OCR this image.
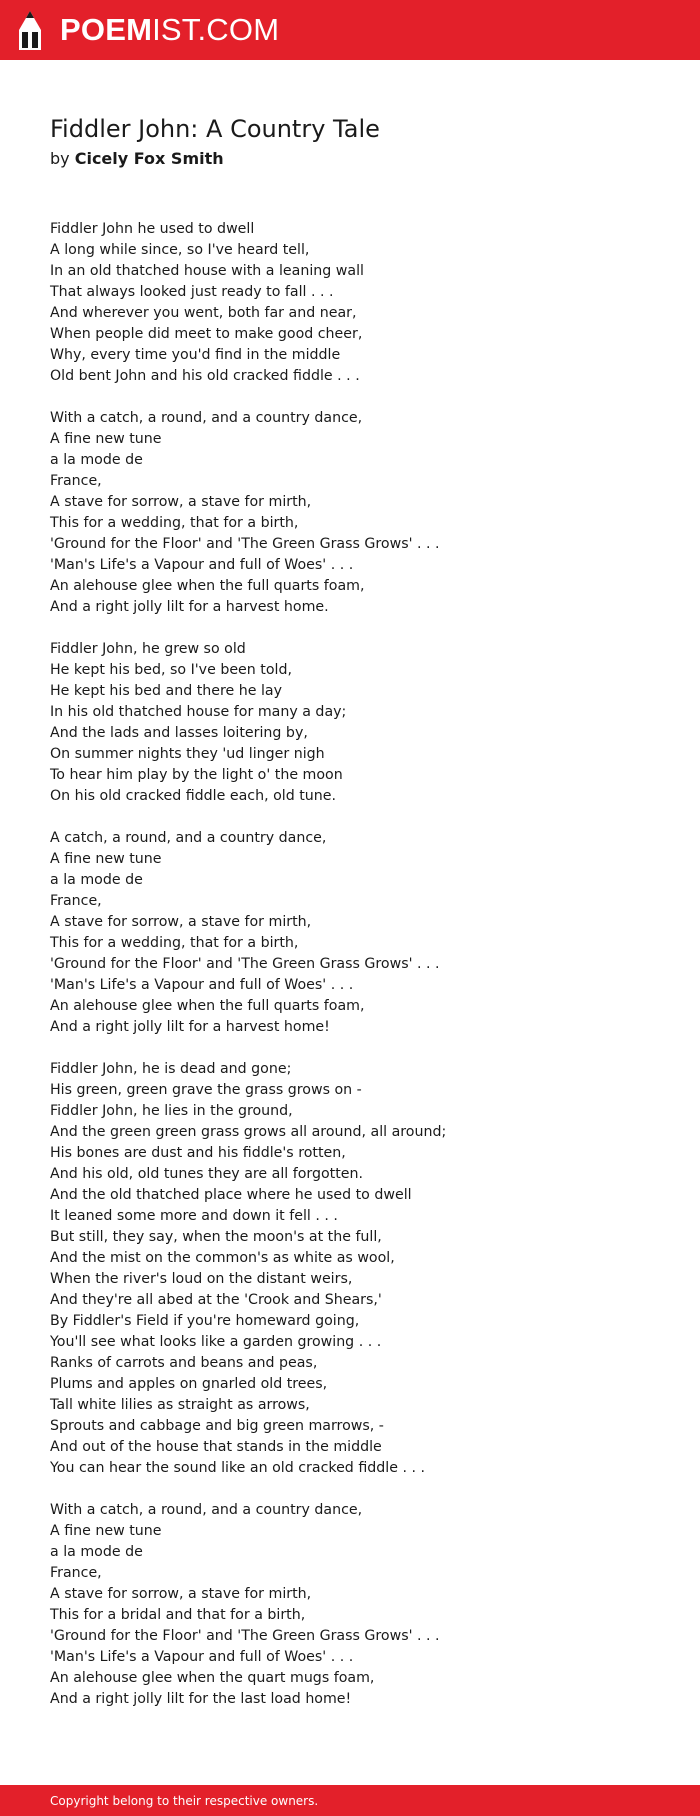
POEMIST.COM
Fiddler John: A Country Tale
by Cicely Fox Smith
Fiddler John he used to dwell
A long while since, so I've heard tell,
In an old thatched house with a leaning wall
That always looked just ready to fall . . .
And wherever you went, both far and near,
When people did meet to make good cheer,
Why, every time you'd find in the middle
Old bent John and his old cracked fiddle . . .
With a catch, a round, and a country dance,
A fine new tune
a la mode de
France,
A stave for sorrow, a stave for mirth,
This for a wedding, that for a birth,
'Ground for the Floor' and 'The Green Grass Grows' . . .
'Man's Life's a Vapour and full of Woes' . . .
An alehouse glee when the full quarts foam,
And a right jolly lilt for a harvest home.
Fiddler John, he grew so old
He kept his bed, so I've been told,
He kept his bed and there he lay
In his old thatched house for many a day;
And the lads and lasses loitering by,
On summer nights they 'ud linger nigh
To hear him play by the light o' the moon
On his old cracked fiddle each, old tune.
A catch, a round, and a country dance,
A fine new tune
a la mode de
France,
A stave for sorrow, a stave for mirth,
This for a wedding, that for a birth,
'Ground for the Floor' and 'The Green Grass Grows' . . .
'Man's Life's a Vapour and full of Woes' . . .
An alehouse glee when the full quarts foam,
And a right jolly lilt for a harvest home!
Fiddler John, he is dead and gone;
His green, green grave the grass grows on -
Fiddler John, he lies in the ground,
And the green green grass grows all around, all around;
His bones are dust and his fiddle's rotten,
And his old, old tunes they are all forgotten.
And the old thatched place where he used to dwell
It leaned some more and down it fell . . .
But still, they say, when the moon's at the full,
And the mist on the common's as white as wool,
When the river's loud on the distant weirs,
And they're all abed at the 'Crook and Shears,'
By Fiddler's Field if you're homeward going,
You'll see what looks like a garden growing . . .
Ranks of carrots and beans and peas,
Plums and apples on gnarled old trees,
Tall white lilies as straight as arrows,
Sprouts and cabbage and big green marrows, -
And out of the house that stands in the middle
You can hear the sound like an old cracked fiddle . . .
With a catch, a round, and a country dance,
A fine new tune
a la mode de
France,
A stave for sorrow, a stave for mirth,
This for a bridal and that for a birth,
'Ground for the Floor' and 'The Green Grass Grows' . . .
'Man's Life's a Vapour and full of Woes' . . .
An alehouse glee when the quart mugs foam,
And a right jolly lilt for the last load home!
Copyright belong to their respective owners.
